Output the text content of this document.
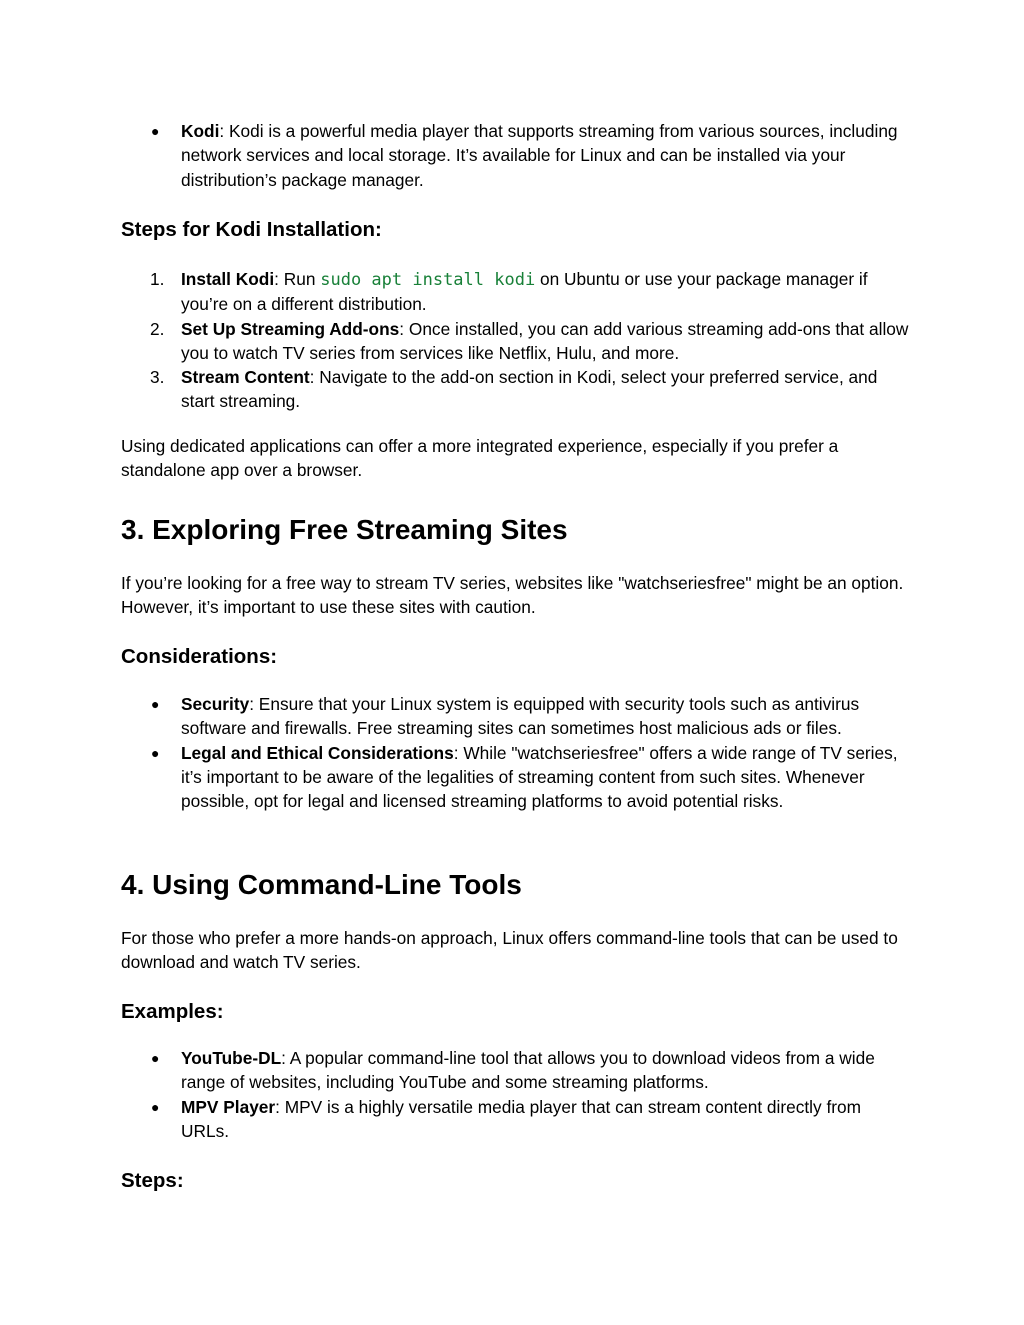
● Kodi: Kodi is a powerful media player that supports streaming from various sources, including network services and local storage. It’s available for Linux and can be installed via your distribution’s package manager.
Steps for Kodi Installation:
1. Install Kodi: Run sudo apt install kodi on Ubuntu or use your package manager if you’re on a different distribution.
2. Set Up Streaming Add-ons: Once installed, you can add various streaming add-ons that allow you to watch TV series from services like Netflix, Hulu, and more.
3. Stream Content: Navigate to the add-on section in Kodi, select your preferred service, and start streaming.

Using dedicated applications can offer a more integrated experience, especially if you prefer a standalone app over a browser.

3. Exploring Free Streaming Sites

If you’re looking for a free way to stream TV series, websites like "watchseriesfree" might be an option. However, it’s important to use these sites with caution.

Considerations:
● Security: Ensure that your Linux system is equipped with security tools such as antivirus software and firewalls. Free streaming sites can sometimes host malicious ads or files.
● Legal and Ethical Considerations: While "watchseriesfree" offers a wide range of TV series, it’s important to be aware of the legalities of streaming content from such sites. Whenever possible, opt for legal and licensed streaming platforms to avoid potential risks.
4. Using Command-Line Tools

For those who prefer a more hands-on approach, Linux offers command-line tools that can be used to download and watch TV series.

Examples:
● YouTube-DL: A popular command-line tool that allows you to download videos from a wide range of websites, including YouTube and some streaming platforms.
● MPV Player: MPV is a highly versatile media player that can stream content directly from URLs.
Steps:
